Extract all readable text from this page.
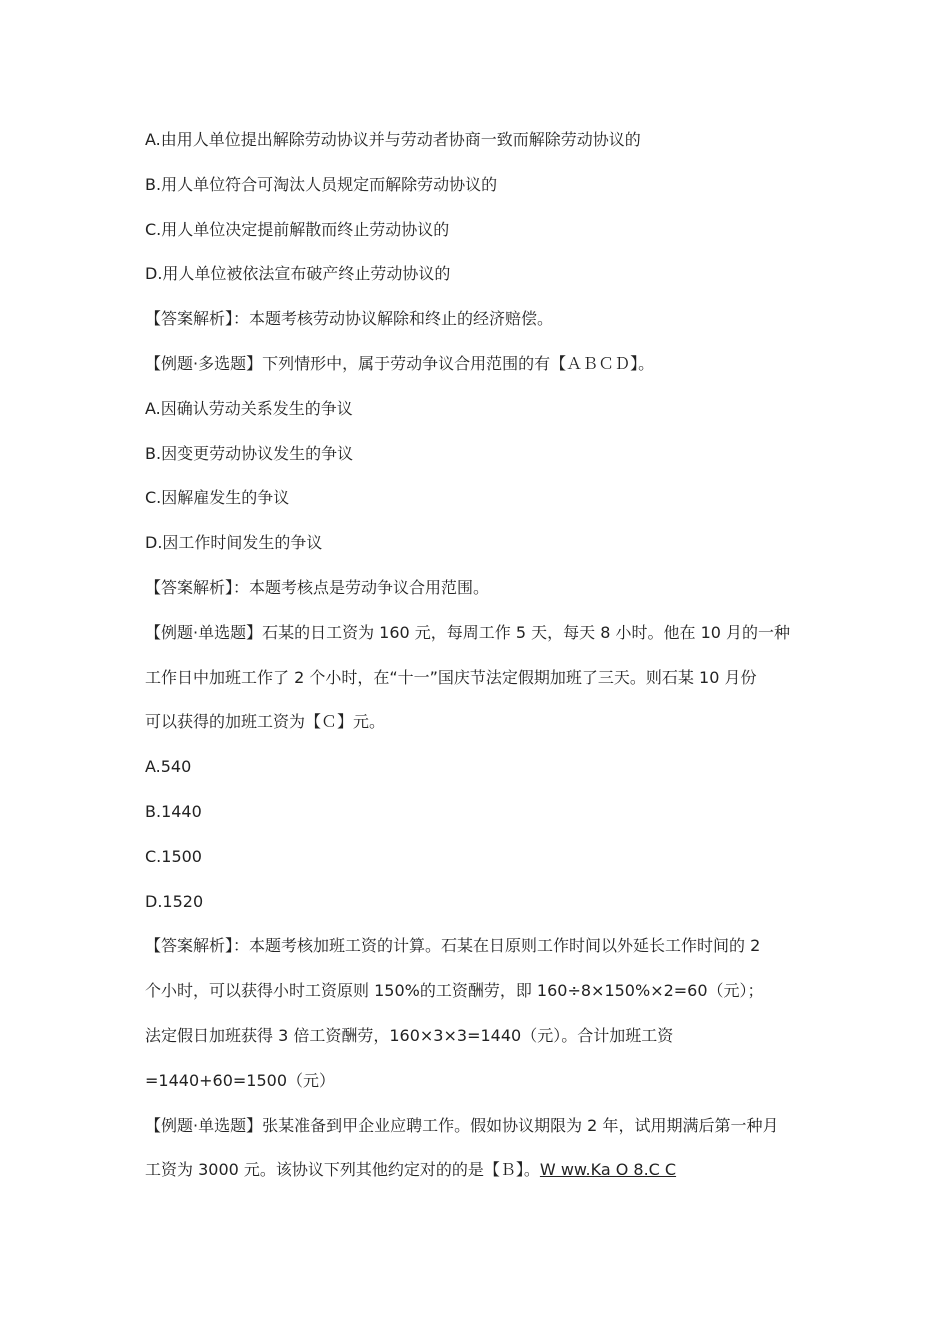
A.由用人单位提出解除劳动协议并与劳动者协商一致而解除劳动协议的
B.用人单位符合可淘汰人员规定而解除劳动协议的
C.用人单位决定提前解散而终止劳动协议的
D.用人单位被依法宣布破产终止劳动协议的
【答案解析】：本题考核劳动协议解除和终止的经济赔偿。
【例题·多选题】下列情形中，属于劳动争议合用范围的有【ＡＢＣＤ】。
A.因确认劳动关系发生的争议
B.因变更劳动协议发生的争议
C.因解雇发生的争议
D.因工作时间发生的争议
【答案解析】：本题考核点是劳动争议合用范围。
【例题·单选题】石某的日工资为 160 元，每周工作 5 天，每天 8 小时。他在 10 月的一种
工作日中加班工作了 2 个小时，在“十一”国庆节法定假期加班了三天。则石某 10 月份
可以获得的加班工资为【Ｃ】元。
A.540
B.1440
C.1500
D.1520
【答案解析】：本题考核加班工资的计算。石某在日原则工作时间以外延长工作时间的 2
个小时，可以获得小时工资原则 150%的工资酬劳，即 160÷8×150%×2=60（元）；
法定假日加班获得 3 倍工资酬劳，160×3×3=1440（元）。合计加班工资
=1440+60=1500（元）
【例题·单选题】张某准备到甲企业应聘工作。假如协议期限为 2 年，试用期满后第一种月
工资为 3000 元。该协议下列其他约定对的的是【Ｂ】。W ww.Ka O 8.C C
